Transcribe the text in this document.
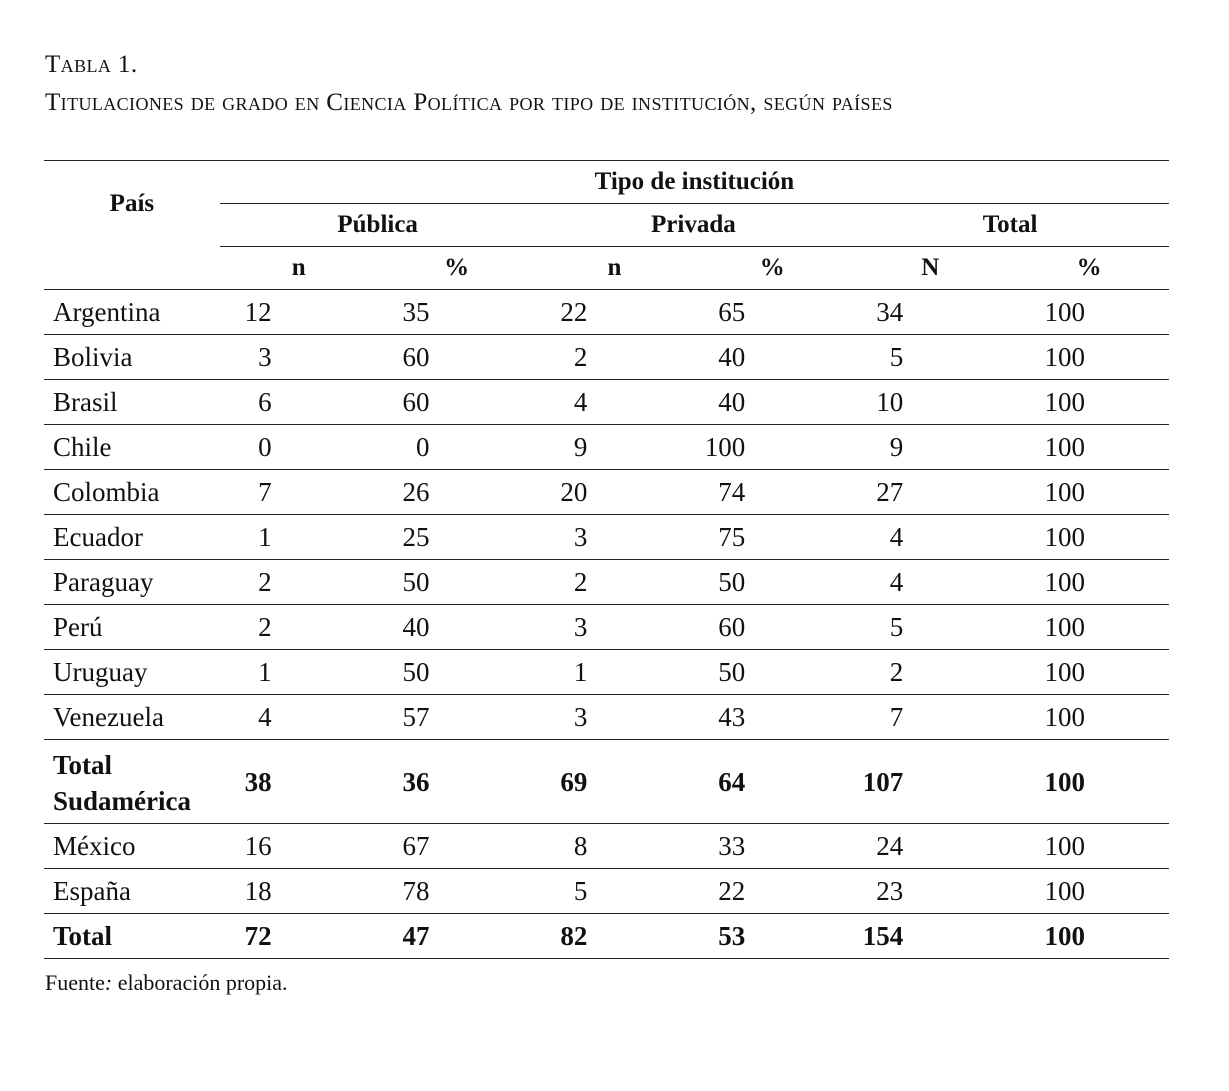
Tabla 1.
Titulaciones de grado en Ciencia Política por tipo de institución, según países
País	Tipo de institución					
	Pública		Privada		Total	
	n	%	n	%	N	%
Argentina	12	35	22	65	34	100
Bolivia	3	60	2	40	5	100
Brasil	6	60	4	40	10	100
Chile	0	0	9	100	9	100
Colombia	7	26	20	74	27	100
Ecuador	1	25	3	75	4	100
Paraguay	2	50	2	50	4	100
Perú	2	40	3	60	5	100
Uruguay	1	50	1	50	2	100
Venezuela	4	57	3	43	7	100

Total
Sudamérica	38	36	69	64	107	100
México	16	67	8	33	24	100
España	18	78	5	22	23	100
Total	72	47	82	53	154	100

Fuente: elaboración propia.
